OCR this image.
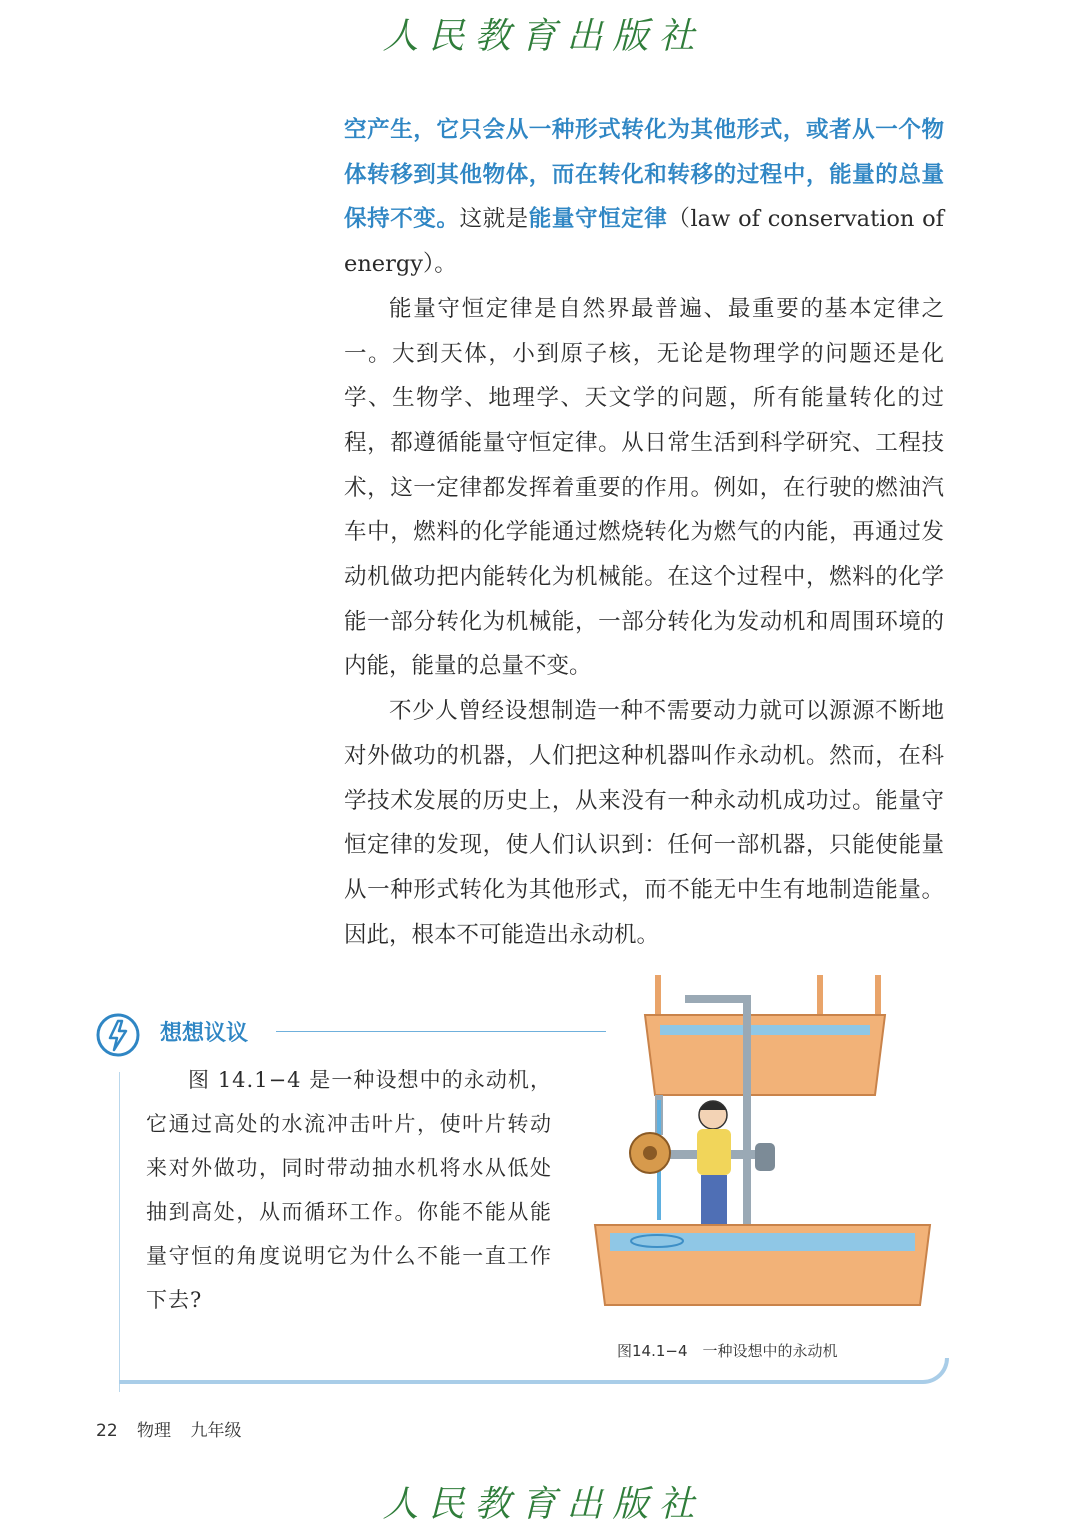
人民教育出版社

空产生，它只会从一种形式转化为其他形式，或者从一个物体转移到其他物体，而在转化和转移的过程中，能量的总量保持不变。这就是能量守恒定律（law of conservation of energy）。

能量守恒定律是自然界最普遍、最重要的基本定律之一。大到天体，小到原子核，无论是物理学的问题还是化学、生物学、地理学、天文学的问题，所有能量转化的过程，都遵循能量守恒定律。从日常生活到科学研究、工程技术，这一定律都发挥着重要的作用。例如，在行驶的燃油汽车中，燃料的化学能通过燃烧转化为燃气的内能，再通过发动机做功把内能转化为机械能。在这个过程中，燃料的化学能一部分转化为机械能，一部分转化为发动机和周围环境的内能，能量的总量不变。

不少人曾经设想制造一种不需要动力就可以源源不断地对外做功的机器，人们把这种机器叫作永动机。然而，在科学技术发展的历史上，从来没有一种永动机成功过。能量守恒定律的发现，使人们认识到：任何一部机器，只能使能量从一种形式转化为其他形式，而不能无中生有地制造能量。因此，根本不可能造出永动机。

想想议议

图 14.1−4 是一种设想中的永动机，它通过高处的水流冲击叶片，使叶片转动来对外做功，同时带动抽水机将水从低处抽到高处，从而循环工作。你能不能从能量守恒的角度说明它为什么不能一直工作下去?

图14.1−4　一种设想中的永动机
22 物理 九年级
人民教育出版社
